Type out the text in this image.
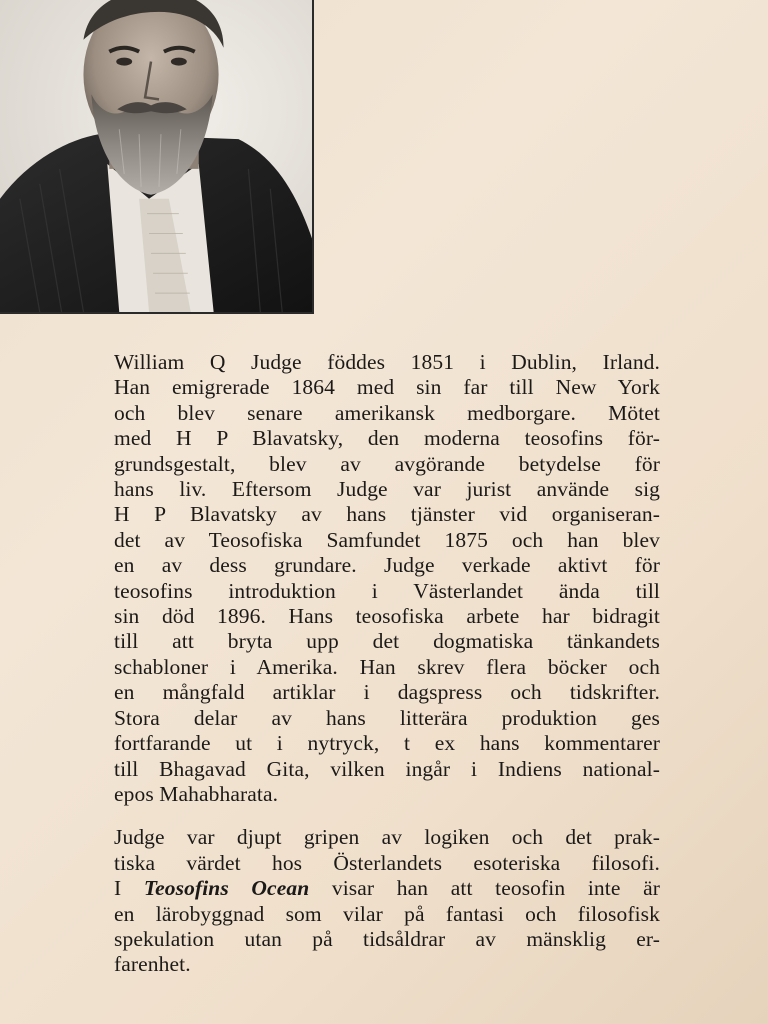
William Q Judge föddes 1851 i Dublin, Irland.
Han emigrerade 1864 med sin far till New York
och blev senare amerikansk medborgare. Mötet
med H P Blavatsky, den moderna teosofins för-
grundsgestalt, blev av avgörande betydelse för
hans liv. Eftersom Judge var jurist använde sig
H P Blavatsky av hans tjänster vid organiseran-
det av Teosofiska Samfundet 1875 och han blev
en av dess grundare. Judge verkade aktivt för
teosofins introduktion i Västerlandet ända till
sin död 1896. Hans teosofiska arbete har bidragit
till att bryta upp det dogmatiska tänkandets
schabloner i Amerika. Han skrev flera böcker och
en mångfald artiklar i dagspress och tidskrifter.
Stora delar av hans litterära produktion ges
fortfarande ut i nytryck, t ex hans kommentarer
till Bhagavad Gita, vilken ingår i Indiens national-
epos Mahabharata.
Judge var djupt gripen av logiken och det prak-
tiska värdet hos Österlandets esoteriska filosofi.
I Teosofins Ocean visar han att teosofin inte är
en lärobyggnad som vilar på fantasi och filosofisk
spekulation utan på tidsåldrar av mänsklig er-
farenhet.
